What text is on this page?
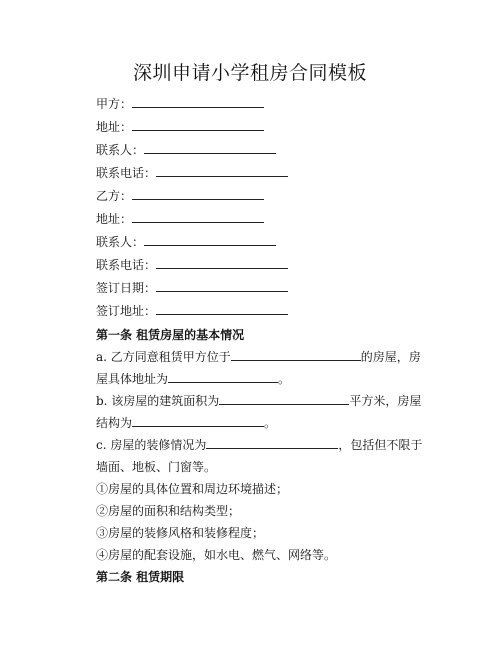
深圳申请小学租房合同模板
甲方：
地址：
联系人：
联系电话：
乙方：
地址：
联系人：
联系电话：
签订日期：
签订地址：
第一条 租赁房屋的基本情况
a. 乙方同意租赁甲方位于	的房屋，房
屋具体地址为	。
b. 该房屋的建筑面积为	平方米，房屋
结构为	。
c. 房屋的装修情况为	，包括但不限于
墙面、地板、门窗等。
①房屋的具体位置和周边环境描述；
②房屋的面积和结构类型；
③房屋的装修风格和装修程度；
④房屋的配套设施，如水电、燃气、网络等。
第二条 租赁期限
